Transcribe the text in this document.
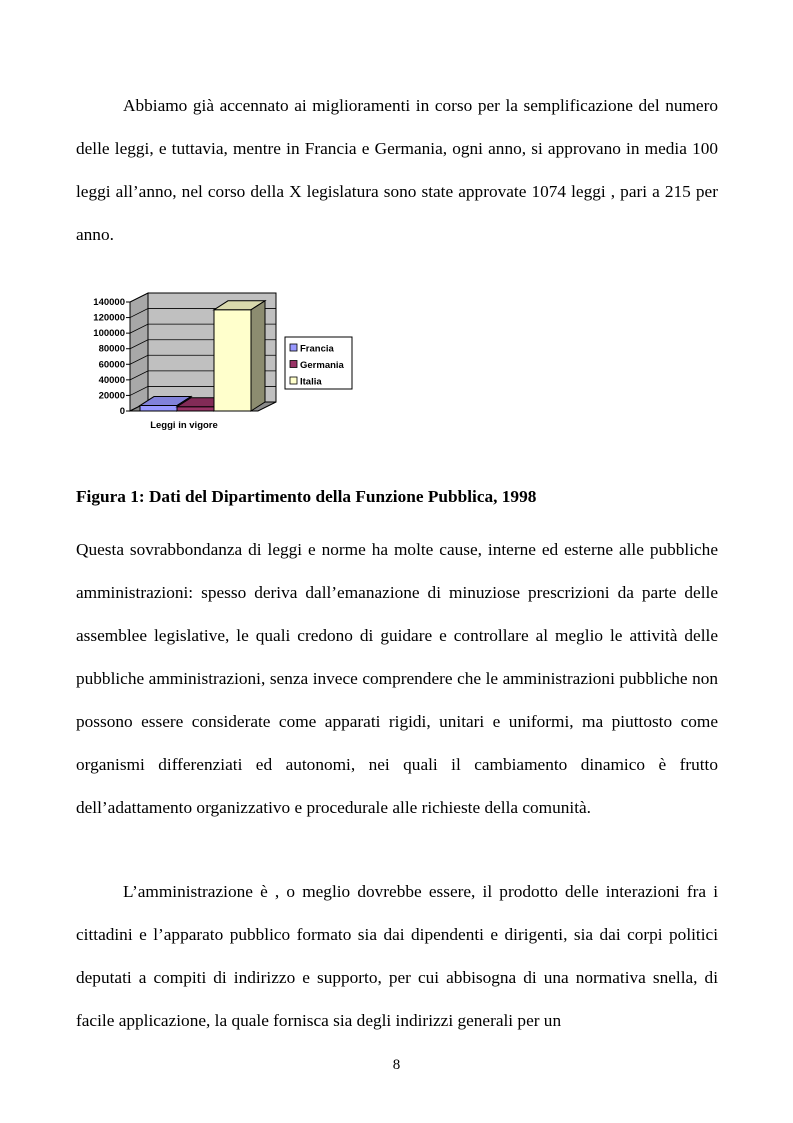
Abbiamo già accennato ai miglioramenti in corso per la semplificazione del numero delle leggi, e tuttavia, mentre in Francia e Germania, ogni anno, si approvano in media 100 leggi all’anno, nel corso della X legislatura sono state approvate 1074 leggi , pari a 215 per anno.

0
20000
40000
60000
80000
100000
120000
140000
Leggi in vigore
Francia
Germania
Italia

Figura 1: Dati del Dipartimento della Funzione Pubblica, 1998

Questa sovrabbondanza di leggi e norme ha molte cause, interne ed esterne alle pubbliche amministrazioni: spesso deriva dall’emanazione di minuziose prescrizioni da parte delle assemblee legislative, le quali credono di guidare e controllare al meglio le attività delle pubbliche amministrazioni, senza invece comprendere che le amministrazioni pubbliche non possono essere considerate come apparati rigidi, unitari e uniformi, ma piuttosto come organismi differenziati ed autonomi, nei quali il cambiamento dinamico è frutto dell’adattamento organizzativo e procedurale alle richieste della comunità.

L’amministrazione è , o meglio dovrebbe essere, il prodotto delle interazioni fra i cittadini e l’apparato pubblico formato sia dai dipendenti e dirigenti, sia dai corpi politici deputati a compiti di indirizzo e supporto, per cui abbisogna di una normativa snella, di facile applicazione, la quale fornisca sia degli indirizzi generali per un

8
